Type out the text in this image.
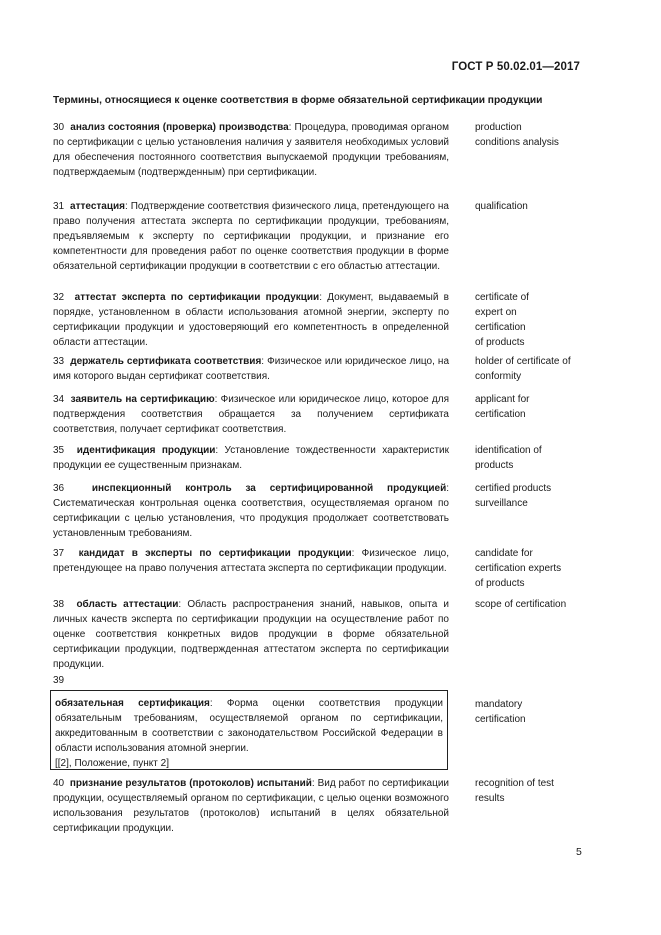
ГОСТ Р 50.02.01—2017
Термины, относящиеся к оценке соответствия в форме обязательной сертификации продукции
30 анализ состояния (проверка) производства: Процедура, проводимая органом по сертификации с целью установления наличия у заявителя необходимых условий для обеспечения постоянного соответствия выпускаемой продукции требованиям, подтверждаемым (подтвержденным) при сертификации.
production
conditions analysis
31 аттестация: Подтверждение соответствия физического лица, претендующего на право получения аттестата эксперта по сертификации продукции, требованиям, предъявляемым к эксперту по сертификации продукции, и признание его компетентности для проведения работ по оценке соответствия продукции в форме обязательной сертификации продукции в соответствии с его областью аттестации.
qualification
32 аттестат эксперта по сертификации продукции: Документ, выдаваемый в порядке, установленном в области использования атомной энергии, эксперту по сертификации продукции и удостоверяющий его компетентность в определенной области аттестации.
certificate of
expert on
certification
of products
33 держатель сертификата соответствия: Физическое или юридическое лицо, на имя которого выдан сертификат соответствия.
holder of certificate of
conformity
34 заявитель на сертификацию: Физическое или юридическое лицо, которое для подтверждения соответствия обращается за получением сертификата соответствия, получает сертификат соответствия.
applicant for
certification
35 идентификация продукции: Установление тождественности характеристик продукции ее существенным признакам.
identification of
products
36	инспекционный контроль за сертифицированной продукцией: Систематическая контрольная оценка соответствия, осуществляемая органом по сертификации с целью установления, что продукция продолжает соответствовать установленным требованиям.
certified products
surveillance
37 кандидат в эксперты по сертификации продукции: Физическое лицо, претендующее на право получения аттестата эксперта по сертификации продукции.
candidate for
certification experts
of products
38 область аттестации: Область распространения знаний, навыков, опыта и личных качеств эксперта по сертификации продукции на осуществление работ по оценке соответствия конкретных видов продукции в форме обязательной сертификации продукции, подтвержденная аттестатом эксперта по сертификации продукции.
scope of certification
39
обязательная сертификация: Форма оценки соответствия продукции обязательным требованиям, осуществляемой органом по сертификации, аккредитованным в соответствии с законодательством Российской Федерации в области использования атомной энергии.
[[2], Положение, пункт 2]
mandatory
certification
40 признание результатов (протоколов) испытаний: Вид работ по сертификации продукции, осуществляемый органом по сертификации, с целью оценки возможного использования результатов (протоколов) испытаний в целях обязательной сертификации продукции.
recognition of test
results
5
